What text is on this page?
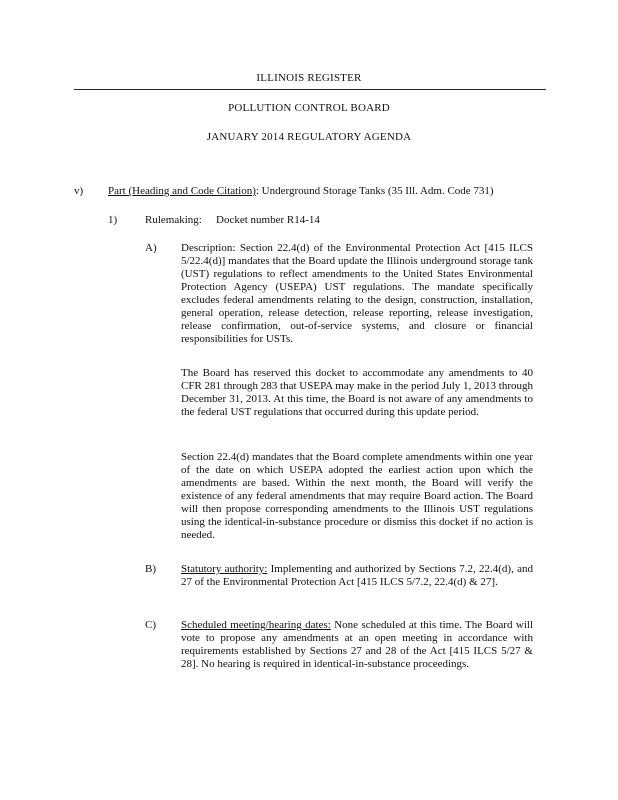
ILLINOIS REGISTER
POLLUTION CONTROL BOARD
JANUARY 2014 REGULATORY AGENDA
v) Part (Heading and Code Citation): Underground Storage Tanks (35 Ill. Adm. Code 731)
1)	Rulemaking: Docket number R14-14
A) Description: Section 22.4(d) of the Environmental Protection Act [415 ILCS 5/22.4(d)] mandates that the Board update the Illinois underground storage tank (UST) regulations to reflect amendments to the United States Environmental Protection Agency (USEPA) UST regulations. The mandate specifically excludes federal amendments relating to the design, construction, installation, general operation, release detection, release reporting, release investigation, release confirmation, out-of-service systems, and closure or financial responsibilities for USTs.
The Board has reserved this docket to accommodate any amendments to 40 CFR 281 through 283 that USEPA may make in the period July 1, 2013 through December 31, 2013. At this time, the Board is not aware of any amendments to the federal UST regulations that occurred during this update period.
Section 22.4(d) mandates that the Board complete amendments within one year of the date on which USEPA adopted the earliest action upon which the amendments are based. Within the next month, the Board will verify the existence of any federal amendments that may require Board action. The Board will then propose corresponding amendments to the Illinois UST regulations using the identical-in-substance procedure or dismiss this docket if no action is needed.
B) Statutory authority: Implementing and authorized by Sections 7.2, 22.4(d), and 27 of the Environmental Protection Act [415 ILCS 5/7.2, 22.4(d) & 27].
C) Scheduled meeting/hearing dates: None scheduled at this time. The Board will vote to propose any amendments at an open meeting in accordance with requirements established by Sections 27 and 28 of the Act [415 ILCS 5/27 & 28]. No hearing is required in identical-in-substance proceedings.
